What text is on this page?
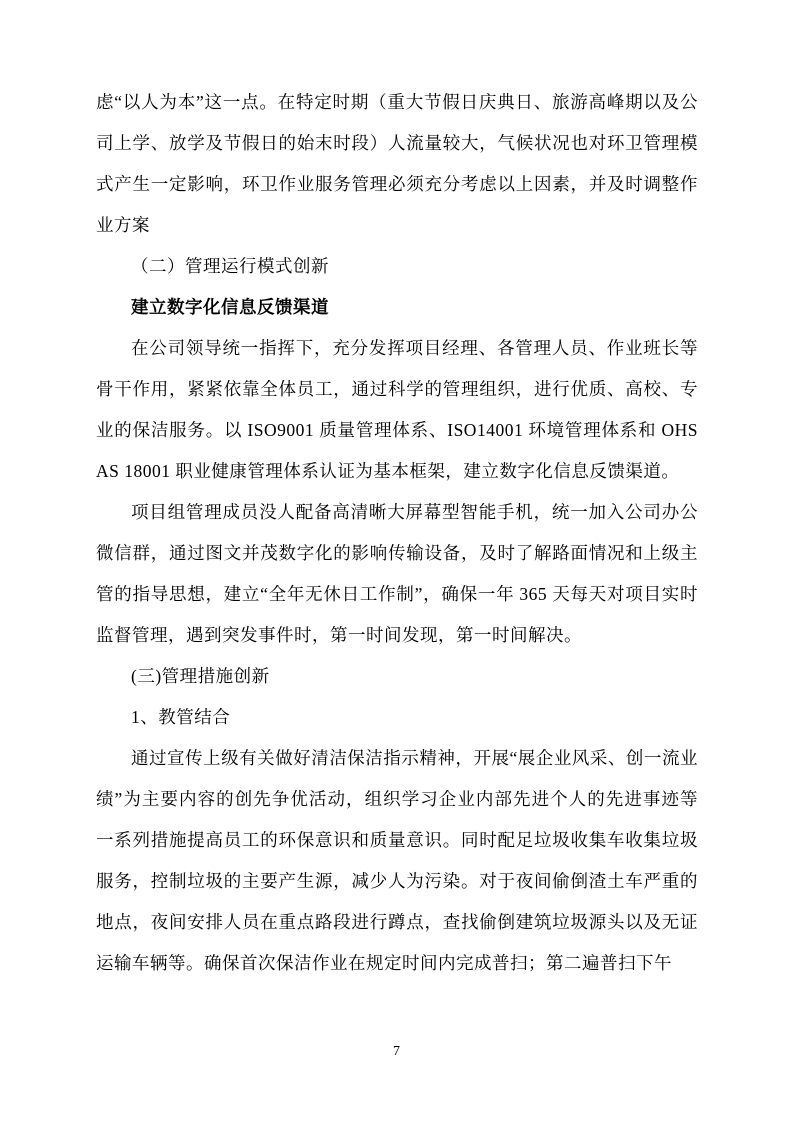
虑“以人为本”这一点。在特定时期（重大节假日庆典日、旅游高峰期以及公司上学、放学及节假日的始末时段）人流量较大，气候状况也对环卫管理模式产生一定影响，环卫作业服务管理必须充分考虑以上因素，并及时调整作业方案

（二）管理运行模式创新

建立数字化信息反馈渠道

在公司领导统一指挥下，充分发挥项目经理、各管理人员、作业班长等骨干作用，紧紧依靠全体员工，通过科学的管理组织，进行优质、高校、专业的保洁服务。以 ISO9001 质量管理体系、ISO14001 环境管理体系和 OHSAS 18001 职业健康管理体系认证为基本框架，建立数字化信息反馈渠道。

项目组管理成员没人配备高清晰大屏幕型智能手机，统一加入公司办公微信群，通过图文并茂数字化的影响传输设备，及时了解路面情况和上级主管的指导思想，建立“全年无休日工作制”，确保一年 365 天每天对项目实时监督管理，遇到突发事件时，第一时间发现，第一时间解决。

(三)管理措施创新

1、教管结合

通过宣传上级有关做好清洁保洁指示精神，开展“展企业风采、创一流业绩”为主要内容的创先争优活动，组织学习企业内部先进个人的先进事迹等一系列措施提高员工的环保意识和质量意识。同时配足垃圾收集车收集垃圾服务，控制垃圾的主要产生源，减少人为污染。对于夜间偷倒渣土车严重的地点，夜间安排人员在重点路段进行蹲点，查找偷倒建筑垃圾源头以及无证运输车辆等。确保首次保洁作业在规定时间内完成普扫；第二遍普扫下午

7
